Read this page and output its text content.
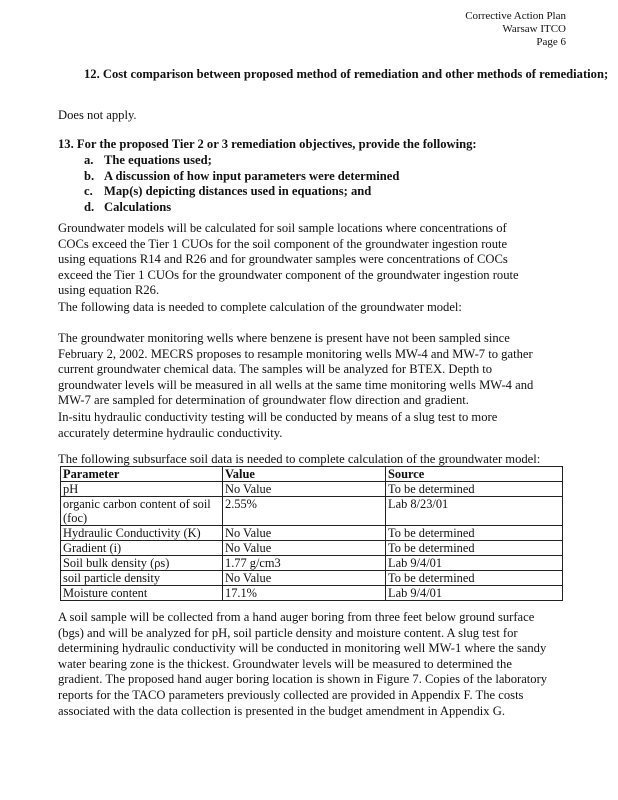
Corrective Action Plan
Warsaw ITCO
Page 6

12. Cost comparison between proposed method of remediation and other methods of remediation;

Does not apply.

13. For the proposed Tier 2 or 3 remediation objectives, provide the following:

a. The equations used;
b. A discussion of how input parameters were determined
c. Map(s) depicting distances used in equations; and
d. Calculations

Groundwater models will be calculated for soil sample locations where concentrations of COCs exceed the Tier 1 CUOs for the soil component of the groundwater ingestion route using equations R14 and R26 and for groundwater samples were concentrations of COCs exceed the Tier 1 CUOs for the groundwater component of the groundwater ingestion route using equation R26.

The following data is needed to complete calculation of the groundwater model:

The groundwater monitoring wells where benzene is present have not been sampled since February 2, 2002. MECRS proposes to resample monitoring wells MW-4 and MW-7 to gather current groundwater chemical data. The samples will be analyzed for BTEX. Depth to groundwater levels will be measured in all wells at the same time monitoring wells MW-4 and MW-7 are sampled for determination of groundwater flow direction and gradient.

In-situ hydraulic conductivity testing will be conducted by means of a slug test to more accurately determine hydraulic conductivity.

The following subsurface soil data is needed to complete calculation of the groundwater model:

Parameter	Value	Source
pH	No Value	To be determined
organic carbon content of soil (foc)	2.55%	Lab 8/23/01
Hydraulic Conductivity (K)	No Value	To be determined
Gradient (i)	No Value	To be determined
Soil bulk density (ρs)	1.77 g/cm3	Lab 9/4/01
soil particle density	No Value	To be determined
Moisture content	17.1%	Lab 9/4/01

A soil sample will be collected from a hand auger boring from three feet below ground surface (bgs) and will be analyzed for pH, soil particle density and moisture content. A slug test for determining hydraulic conductivity will be conducted in monitoring well MW-1 where the sandy water bearing zone is the thickest. Groundwater levels will be measured to determined the gradient. The proposed hand auger boring location is shown in Figure 7. Copies of the laboratory reports for the TACO parameters previously collected are provided in Appendix F. The costs associated with the data collection is presented in the budget amendment in Appendix G.
